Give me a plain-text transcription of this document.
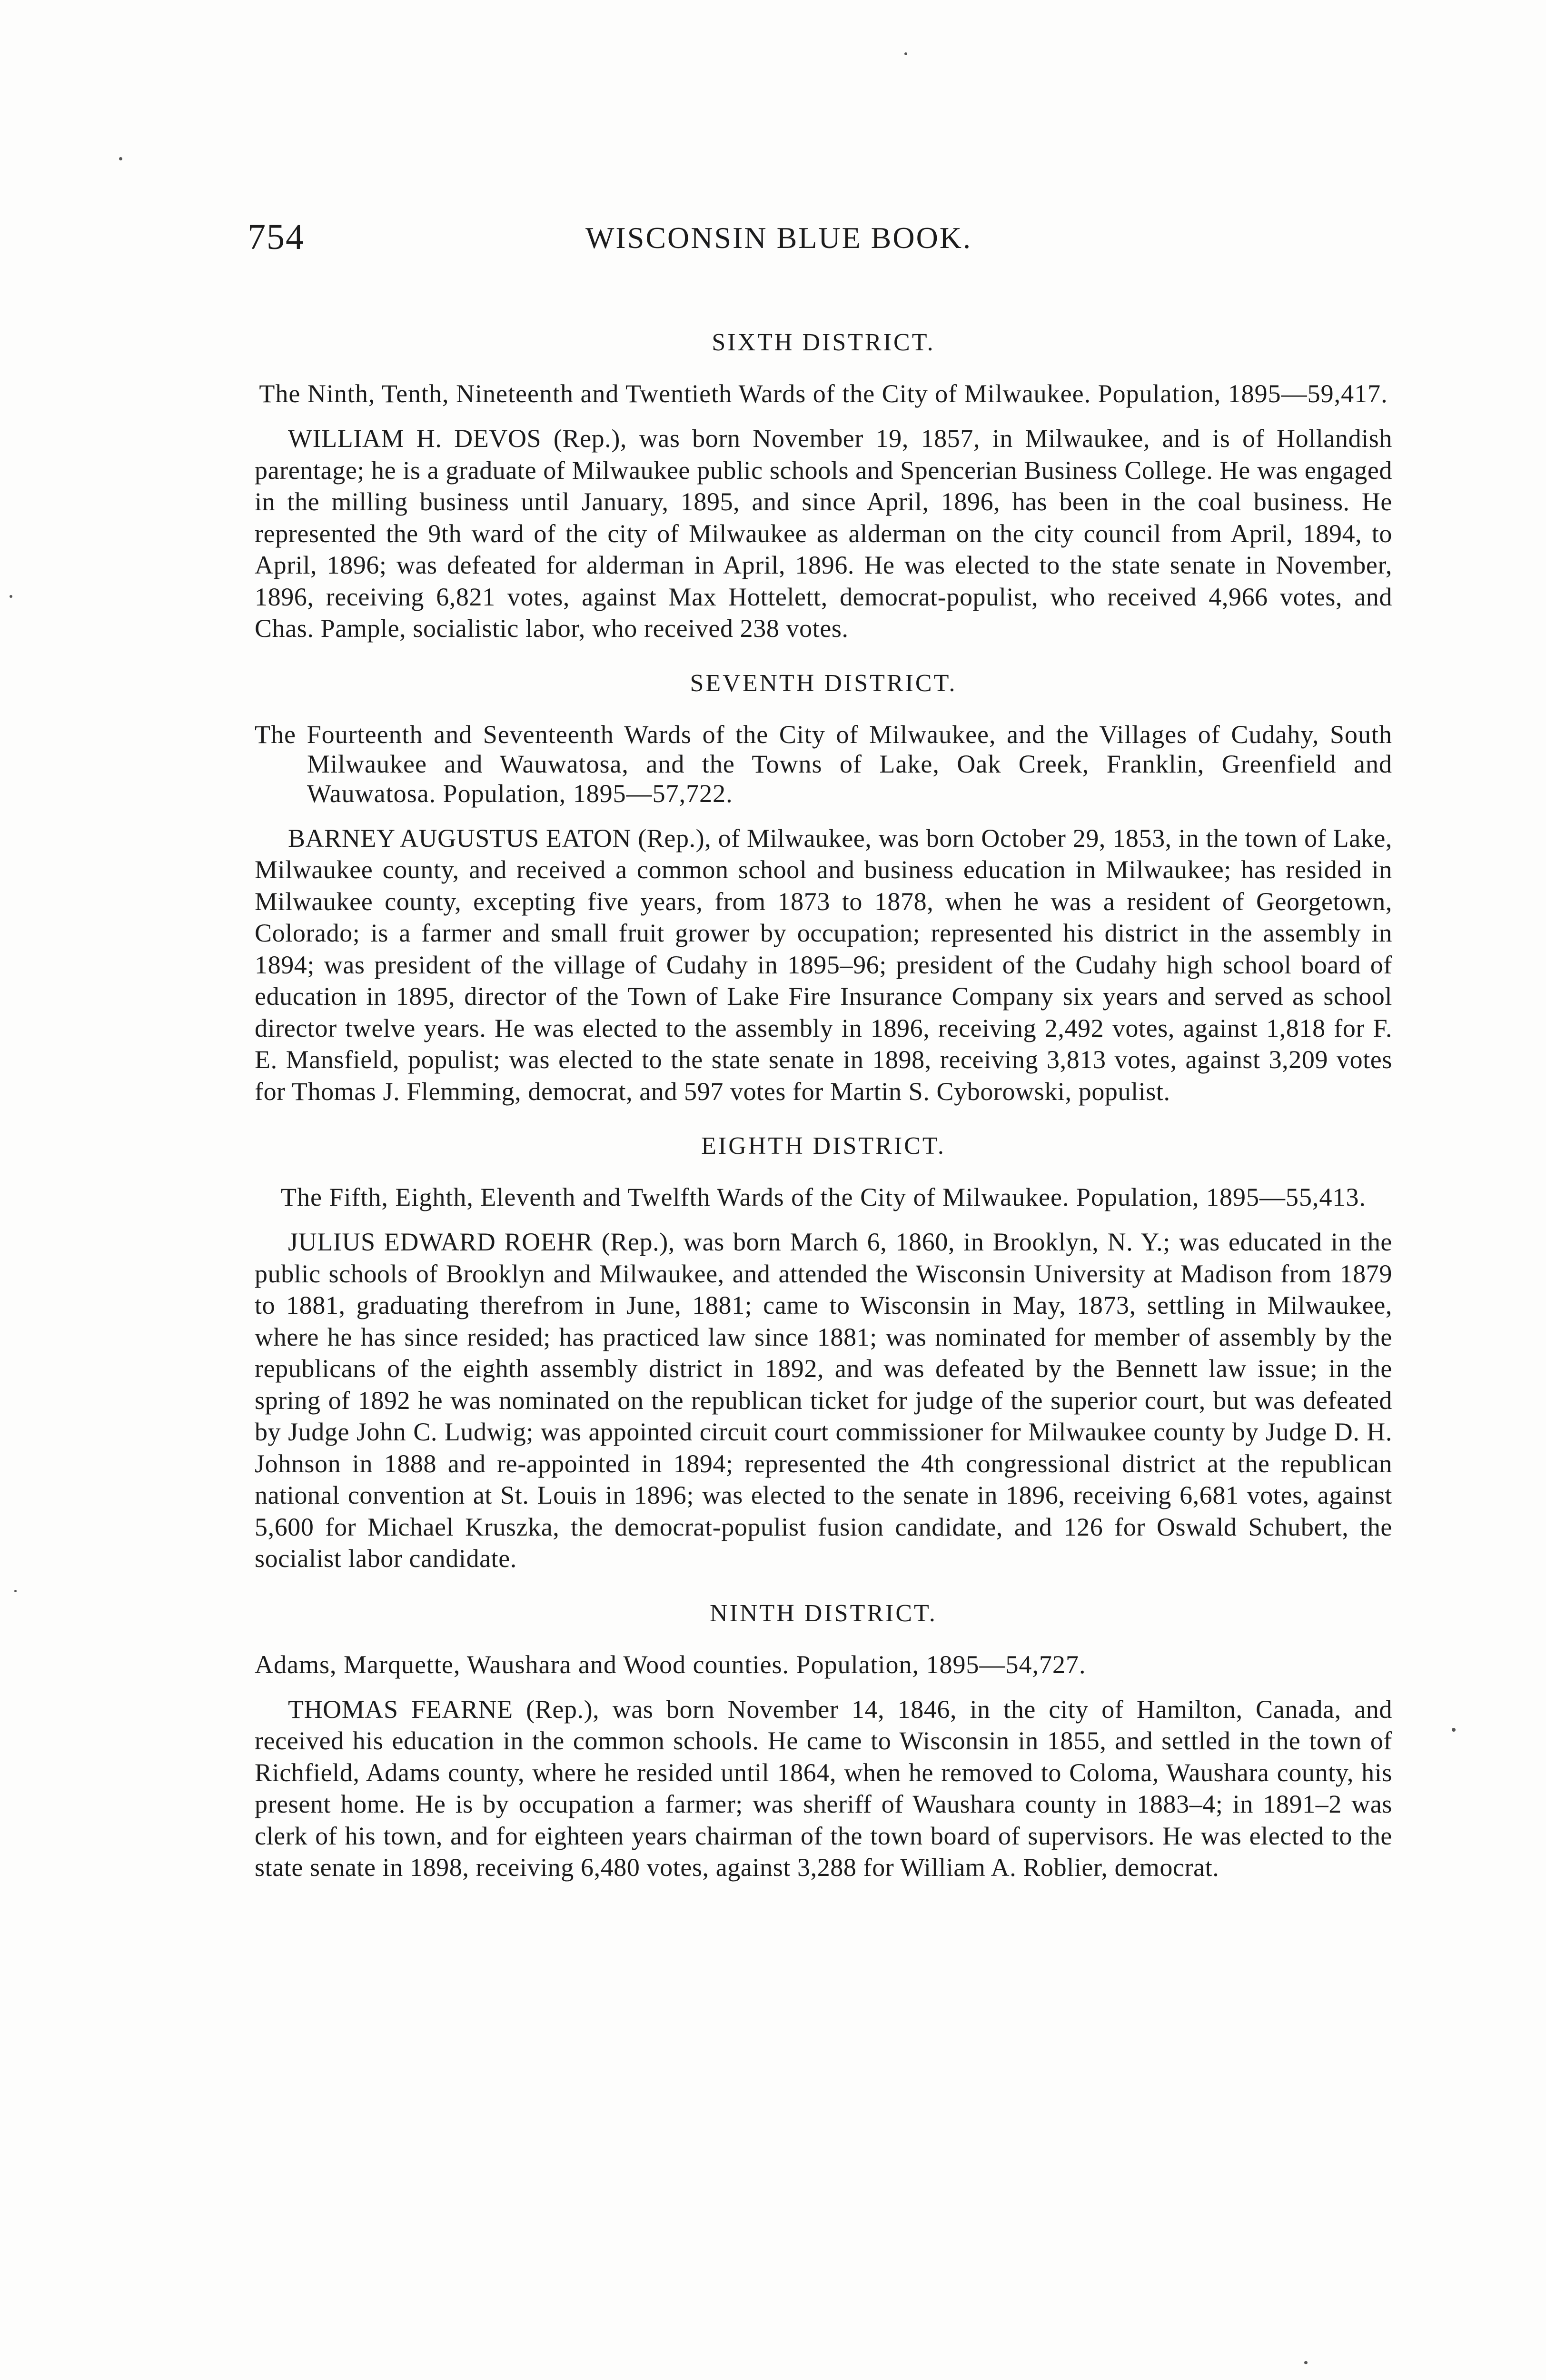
754	WISCONSIN BLUE BOOK.
SIXTH DISTRICT.
The Ninth, Tenth, Nineteenth and Twentieth Wards of the City of Milwaukee. Population, 1895—59,417.

WILLIAM H. DEVOS (Rep.), was born November 19, 1857, in Milwaukee, and is of Hollandish parentage; he is a graduate of Milwaukee public schools and Spencerian Business College. He was engaged in the milling business until January, 1895, and since April, 1896, has been in the coal business. He represented the 9th ward of the city of Milwaukee as alderman on the city council from April, 1894, to April, 1896; was defeated for alderman in April, 1896. He was elected to the state senate in November, 1896, receiving 6,821 votes, against Max Hottelett, democrat-populist, who received 4,966 votes, and Chas. Pample, socialistic labor, who received 238 votes.

SEVENTH DISTRICT.
The Fourteenth and Seventeenth Wards of the City of Milwaukee, and the Villages of Cudahy, South Milwaukee and Wauwatosa, and the Towns of Lake, Oak Creek, Franklin, Greenfield and Wauwatosa. Population, 1895—57,722.

BARNEY AUGUSTUS EATON (Rep.), of Milwaukee, was born October 29, 1853, in the town of Lake, Milwaukee county, and received a common school and business education in Milwaukee; has resided in Milwaukee county, excepting five years, from 1873 to 1878, when he was a resident of Georgetown, Colorado; is a farmer and small fruit grower by occupation; represented his district in the assembly in 1894; was president of the village of Cudahy in 1895–96; president of the Cudahy high school board of education in 1895, director of the Town of Lake Fire Insurance Company six years and served as school director twelve years. He was elected to the assembly in 1896, receiving 2,492 votes, against 1,818 for F. E. Mansfield, populist; was elected to the state senate in 1898, receiving 3,813 votes, against 3,209 votes for Thomas J. Flemming, democrat, and 597 votes for Martin S. Cyborowski, populist.

EIGHTH DISTRICT.
The Fifth, Eighth, Eleventh and Twelfth Wards of the City of Milwaukee. Population, 1895—55,413.

JULIUS EDWARD ROEHR (Rep.), was born March 6, 1860, in Brooklyn, N. Y.; was educated in the public schools of Brooklyn and Milwaukee, and attended the Wisconsin University at Madison from 1879 to 1881, graduating therefrom in June, 1881; came to Wisconsin in May, 1873, settling in Milwaukee, where he has since resided; has practiced law since 1881; was nominated for member of assembly by the republicans of the eighth assembly district in 1892, and was defeated by the Bennett law issue; in the spring of 1892 he was nominated on the republican ticket for judge of the superior court, but was defeated by Judge John C. Ludwig; was appointed circuit court commissioner for Milwaukee county by Judge D. H. Johnson in 1888 and re-appointed in 1894; represented the 4th congressional district at the republican national convention at St. Louis in 1896; was elected to the senate in 1896, receiving 6,681 votes, against 5,600 for Michael Kruszka, the democrat-populist fusion candidate, and 126 for Oswald Schubert, the socialist labor candidate.

NINTH DISTRICT.
Adams, Marquette, Waushara and Wood counties. Population, 1895—54,727.

THOMAS FEARNE (Rep.), was born November 14, 1846, in the city of Hamilton, Canada, and received his education in the common schools. He came to Wisconsin in 1855, and settled in the town of Richfield, Adams county, where he resided until 1864, when he removed to Coloma, Waushara county, his present home. He is by occupation a farmer; was sheriff of Waushara county in 1883–4; in 1891–2 was clerk of his town, and for eighteen years chairman of the town board of supervisors. He was elected to the state senate in 1898, receiving 6,480 votes, against 3,288 for William A. Roblier, democrat.
